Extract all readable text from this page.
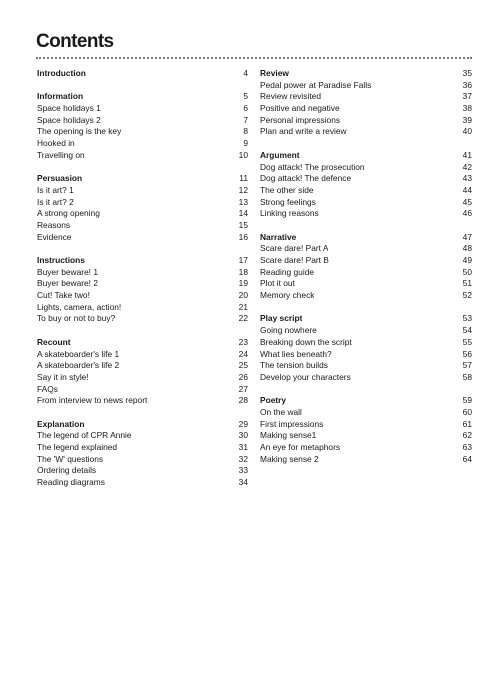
Contents
Introduction	4
Information	5
Space holidays 1	6
Space holidays 2	7
The opening is the key	8
Hooked in	9
Travelling on	10
Persuasion	11
Is it art? 1	12
Is it art? 2	13
A strong opening	14
Reasons	15
Evidence	16
Instructions	17
Buyer beware! 1	18
Buyer beware! 2	19
Cut! Take two!	20
Lights, camera, action!	21
To buy or not to buy?	22
Recount	23
A skateboarder's life 1	24
A skateboarder's life 2	25
Say it in style!	26
FAQs	27
From interview to news report	28
Explanation	29
The legend of CPR Annie	30
The legend explained	31
The 'W' questions	32
Ordering details	33
Reading diagrams	34
Review	35
Pedal power at Paradise Falls	36
Review revisited	37
Positive and negative	38
Personal impressions	39
Plan and write a review	40
Argument	41
Dog attack! The prosecution	42
Dog attack! The defence	43
The other side	44
Strong feelings	45
Linking reasons	46
Narrative	47
Scare dare! Part A	48
Scare dare! Part B	49
Reading guide	50
Plot it out	51
Memory check	52
Play script	53
Going nowhere	54
Breaking down the script	55
What lies beneath?	56
The tension builds	57
Develop your characters	58
Poetry	59
On the wall	60
First impressions	61
Making sense1	62
An eye for metaphors	63
Making sense 2	64
